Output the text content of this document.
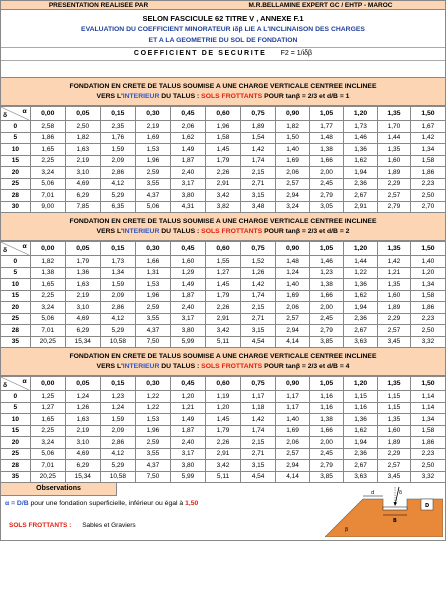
PRESENTATION REALISEE PAR	M.R.BELLAMINE EXPERT GC / EHTP - MAROC
SELON FASCICULE 62 TITRE V , ANNEXE F.1
EVALUATION DU COEFFICIENT MINORATEUR iδβ LIE A L'INCLINAISON DES CHARGES
ET A LA GEOMETRIE DU SOL DE FONDATION
COEFFICIENT DE SECURITE F2 = 1/iδβ
FONDATION EN CRETE DE TALUS SOUMISE A UNE CHARGE VERTICALE CENTREE INCLINEE
VERS L'INTERIEUR DU TALUS : SOLS FROTTANTS POUR tanβ = 2/3 et d/B = 1
δ
α	0,00	0,05	0,15	0,30	0,45	0,60	0,75	0,90	1,05	1,20	1,35	1,50
0	2,58	2,50	2,35	2,19	2,06	1,96	1,89	1,82	1,77	1,73	1,70	1,67
5	1,86	1,82	1,76	1,69	1,62	1,58	1,54	1,50	1,48	1,46	1,44	1,42
10	1,65	1,63	1,59	1,53	1,49	1,45	1,42	1,40	1,38	1,36	1,35	1,34
15	2,25	2,19	2,09	1,96	1,87	1,79	1,74	1,69	1,66	1,62	1,60	1,58
20	3,24	3,10	2,86	2,59	2,40	2,26	2,15	2,06	2,00	1,94	1,89	1,86
25	5,06	4,69	4,12	3,55	3,17	2,91	2,71	2,57	2,45	2,36	2,29	2,23
28	7,01	6,29	5,29	4,37	3,80	3,42	3,15	2,94	2,79	2,67	2,57	2,50
30	9,00	7,85	6,35	5,06	4,31	3,82	3,48	3,24	3,05	2,91	2,79	2,70
FONDATION EN CRETE DE TALUS SOUMISE A UNE CHARGE VERTICALE CENTREE INCLINEE
VERS L'INTERIEUR DU TALUS : SOLS FROTTANTS POUR tanβ = 2/3 et d/B = 2
δ
α	0,00	0,05	0,15	0,30	0,45	0,60	0,75	0,90	1,05	1,20	1,35	1,50
0	1,82	1,79	1,73	1,66	1,60	1,55	1,52	1,48	1,46	1,44	1,42	1,40
5	1,38	1,36	1,34	1,31	1,29	1,27	1,26	1,24	1,23	1,22	1,21	1,20
10	1,65	1,63	1,59	1,53	1,49	1,45	1,42	1,40	1,38	1,36	1,35	1,34
15	2,25	2,19	2,09	1,96	1,87	1,79	1,74	1,69	1,66	1,62	1,60	1,58
20	3,24	3,10	2,86	2,59	2,40	2,26	2,15	2,06	2,00	1,94	1,89	1,86
25	5,06	4,69	4,12	3,55	3,17	2,91	2,71	2,57	2,45	2,36	2,29	2,23
28	7,01	6,29	5,29	4,37	3,80	3,42	3,15	2,94	2,79	2,67	2,57	2,50
35	20,25	15,34	10,58	7,50	5,99	5,11	4,54	4,14	3,85	3,63	3,45	3,32
FONDATION EN CRETE DE TALUS SOUMISE A UNE CHARGE VERTICALE CENTREE INCLINEE
VERS L'INTERIEUR DU TALUS : SOLS FROTTANTS POUR tanβ = 2/3 et d/B = 4
δ
α	0,00	0,05	0,15	0,30	0,45	0,60	0,75	0,90	1,05	1,20	1,35	1,50
0	1,25	1,24	1,23	1,22	1,20	1,19	1,17	1,17	1,16	1,15	1,15	1,14
5	1,27	1,26	1,24	1,22	1,21	1,20	1,18	1,17	1,16	1,16	1,15	1,14
10	1,65	1,63	1,59	1,53	1,49	1,45	1,42	1,40	1,38	1,36	1,35	1,34
15	2,25	2,19	2,09	1,96	1,87	1,79	1,74	1,69	1,66	1,62	1,60	1,58
20	3,24	3,10	2,86	2,59	2,40	2,26	2,15	2,06	2,00	1,94	1,89	1,86
25	5,06	4,69	4,12	3,55	3,17	2,91	2,71	2,57	2,45	2,36	2,29	2,23
28	7,01	6,29	5,29	4,37	3,80	3,42	3,15	2,94	2,79	2,67	2,57	2,50
35	20,25	15,34	10,58	7,50	5,99	5,11	4,54	4,14	3,85	3,63	3,45	3,32
Observations
α = D/B pour une fondation superficielle, inférieur ou égal à 1,50
SOLS FROTTANTS : Sables et Graviers
δ
d
B
D
β
